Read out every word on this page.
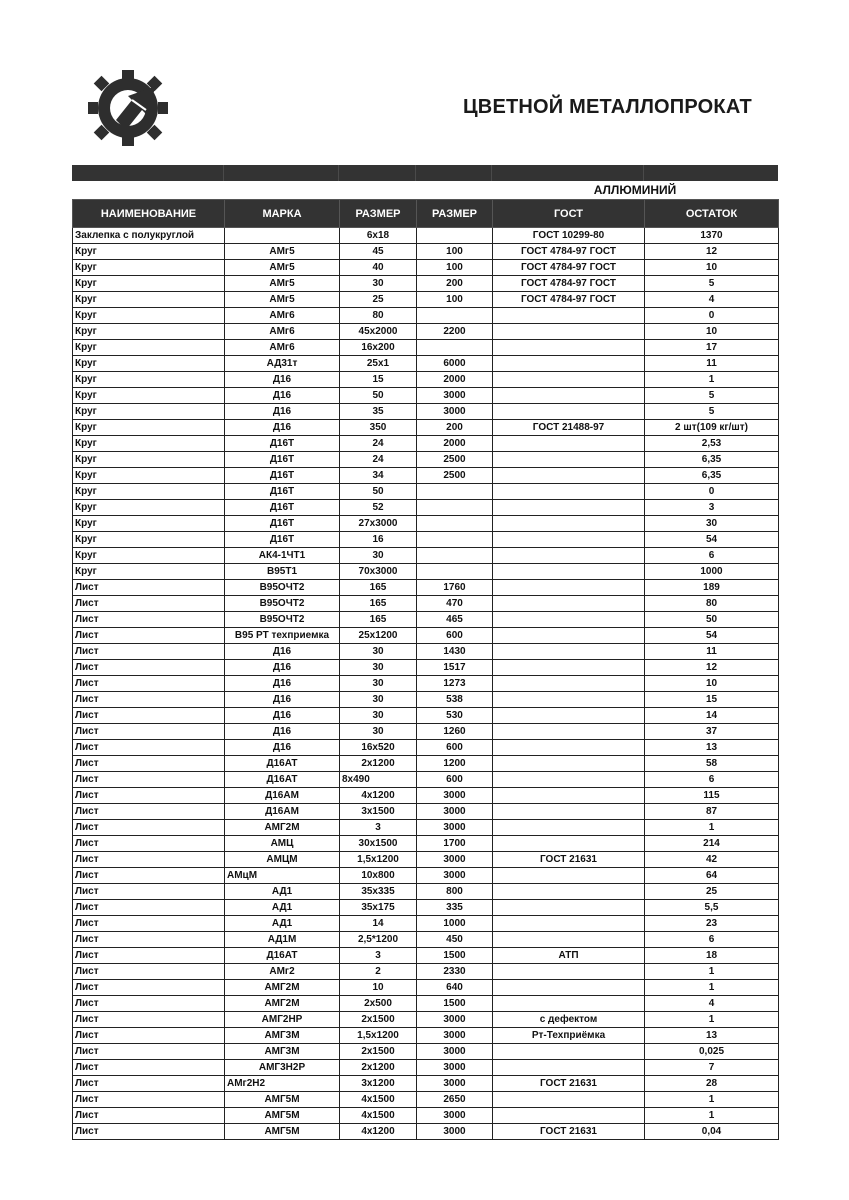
ЦВЕТНОЙ МЕТАЛЛОПРОКАТ
АЛЛЮМИНИЙ
НАИМЕНОВАНИЕ	МАРКА	РАЗМЕР	РАЗМЕР	ГОСТ	ОСТАТОК
Заклепка с полукруглой		6х18		ГОСТ 10299-80	1370
Круг	АМг5	45	100	ГОСТ 4784-97 ГОСТ	12
Круг	АМг5	40	100	ГОСТ 4784-97 ГОСТ	10
Круг	АМг5	30	200	ГОСТ 4784-97 ГОСТ	5
Круг	АМг5	25	100	ГОСТ 4784-97 ГОСТ	4
Круг	АМг6	80			0
Круг	АМг6	45х2000	2200		10
Круг	АМг6	16х200			17
Круг	АД31т	25х1	6000		11
Круг	Д16	15	2000		1
Круг	Д16	50	3000		5
Круг	Д16	35	3000		5
Круг	Д16	350	200	ГОСТ 21488-97	2 шт(109 кг/шт)
Круг	Д16Т	24	2000		2,53
Круг	Д16Т	24	2500		6,35
Круг	Д16Т	34	2500		6,35
Круг	Д16Т	50			0
Круг	Д16Т	52			3
Круг	Д16Т	27х3000			30
Круг	Д16Т	16			54
Круг	АК4-1ЧТ1	30			6
Круг	В95Т1	70х3000			1000
Лист	В95ОЧТ2	165	1760		189
Лист	В95ОЧТ2	165	470		80
Лист	В95ОЧТ2	165	465		50
Лист	В95 РТ техприемка	25х1200	600		54
Лист	Д16	30	1430		11
Лист	Д16	30	1517		12
Лист	Д16	30	1273		10
Лист	Д16	30	538		15
Лист	Д16	30	530		14
Лист	Д16	30	1260		37
Лист	Д16	16х520	600		13
Лист	Д16АТ	2х1200	1200		58
Лист	Д16АТ	8х490	600		6
Лист	Д16АМ	4х1200	3000		115
Лист	Д16АМ	3х1500	3000		87
Лист	АМГ2М	3	3000		1
Лист	АМЦ	30х1500	1700		214
Лист	АМЦМ	1,5х1200	3000	ГОСТ 21631	42
Лист	АМцМ	10х800	3000		64
Лист	АД1	35х335	800		25
Лист	АД1	35х175	335		5,5
Лист	АД1	14	1000		23
Лист	АД1М	2,5*1200	450		6
Лист	Д16АТ	3	1500	АТП	18
Лист	АМг2	2	2330		1
Лист	АМГ2М	10	640		1
Лист	АМГ2М	2х500	1500		4
Лист	АМГ2НР	2х1500	3000	с дефектом	1
Лист	АМГ3М	1,5х1200	3000	Рт-Техприёмка	13
Лист	АМГ3М	2х1500	3000		0,025
Лист	АМГ3Н2Р	2х1200	3000		7
Лист	АМг2Н2	3х1200	3000	ГОСТ 21631	28
Лист	АМГ5М	4х1500	2650		1
Лист	АМГ5М	4х1500	3000		1
Лист	АМГ5М	4х1200	3000	ГОСТ 21631	0,04
